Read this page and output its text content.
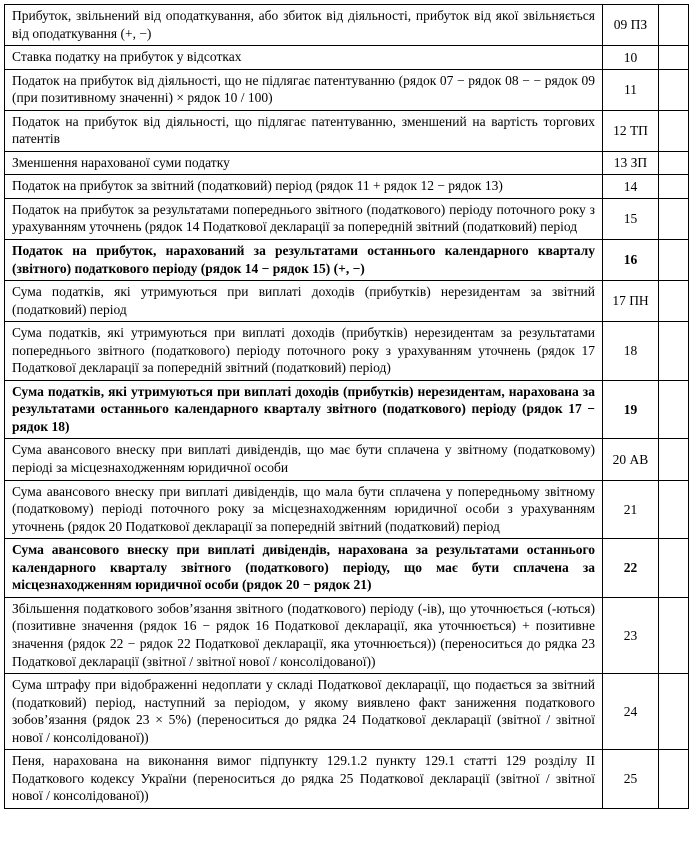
Прибуток, звільнений від оподаткування, або збиток від діяльності, прибуток від якої звільняється від оподаткування (+, −)	09 ПЗ	
Ставка податку на прибуток у відсотках	10	
Податок на прибуток від діяльності, що не підлягає патентуванню (рядок 07 − рядок 08 − − рядок 09 (при позитивному значенні) × рядок 10 / 100)	11	
Податок на прибуток від діяльності, що підлягає патентуванню, зменшений на вартість торгових патентів	12 ТП	
Зменшення нарахованої суми податку	13 ЗП	
Податок на прибуток за звітний (податковий) період (рядок 11 + рядок 12 − рядок 13)	14	
Податок на прибуток за результатами попереднього звітного (податкового) періоду поточного року з урахуванням уточнень (рядок 14 Податкової декларації за попередній звітний (податковий) період	15	
Податок на прибуток, нарахований за результатами останнього календарного кварталу (звітного) податкового періоду (рядок 14 − рядок 15) (+, −)	16	
Сума податків, які утримуються при виплаті доходів (прибутків) нерезидентам за звітний (податковий) період	17 ПН	
Сума податків, які утримуються при виплаті доходів (прибутків) нерезидентам за результатами попереднього звітного (податкового) періоду поточного року з урахуванням уточнень (рядок 17 Податкової декларації за попередній звітний (податковий) період)	18	
Сума податків, які утримуються при виплаті доходів (прибутків) нерезидентам, нарахована за результатами останнього календарного кварталу звітного (податкового) періоду (рядок 17 − рядок 18)	19	
Сума авансового внеску при виплаті дивідендів, що має бути сплачена у звітному (податковому) періоді за місцезнаходженням юридичної особи	20 АВ	
Сума авансового внеску при виплаті дивідендів, що мала бути сплачена у попередньому звітному (податковому) періоді поточного року за місцезнаходженням юридичної особи з урахуванням уточнень (рядок 20 Податкової декларації за попередній звітний (податковий) період	21	
Сума авансового внеску при виплаті дивідендів, нарахована за результатами останнього календарного кварталу звітного (податкового) періоду, що має бути сплачена за місцезнаходженням юридичної особи (рядок 20 − рядок 21)	22	
Збільшення податкового зобов’язання звітного (податкового) періоду (-ів), що уточнюється (-ються) (позитивне значення (рядок 16 − рядок 16 Податкової декларації, яка уточнюється) + позитивне значення (рядок 22 − рядок 22 Податкової декларації, яка уточнюється)) (переноситься до рядка 23 Податкової декларації (звітної / звітної нової / консолідованої))	23	
Сума штрафу при відображенні недоплати у складі Податкової декларації, що подається за звітний (податковий) період, наступний за періодом, у якому виявлено факт заниження податкового зобов’язання (рядок 23 × 5%) (переноситься до рядка 24 Податкової декларації (звітної / звітної нової / консолідованої))	24	
Пеня, нарахована на виконання вимог підпункту 129.1.2 пункту 129.1 статті 129 розділу II Податкового кодексу України (переноситься до рядка 25 Податкової декларації (звітної / звітної нової / консолідованої))	25	
